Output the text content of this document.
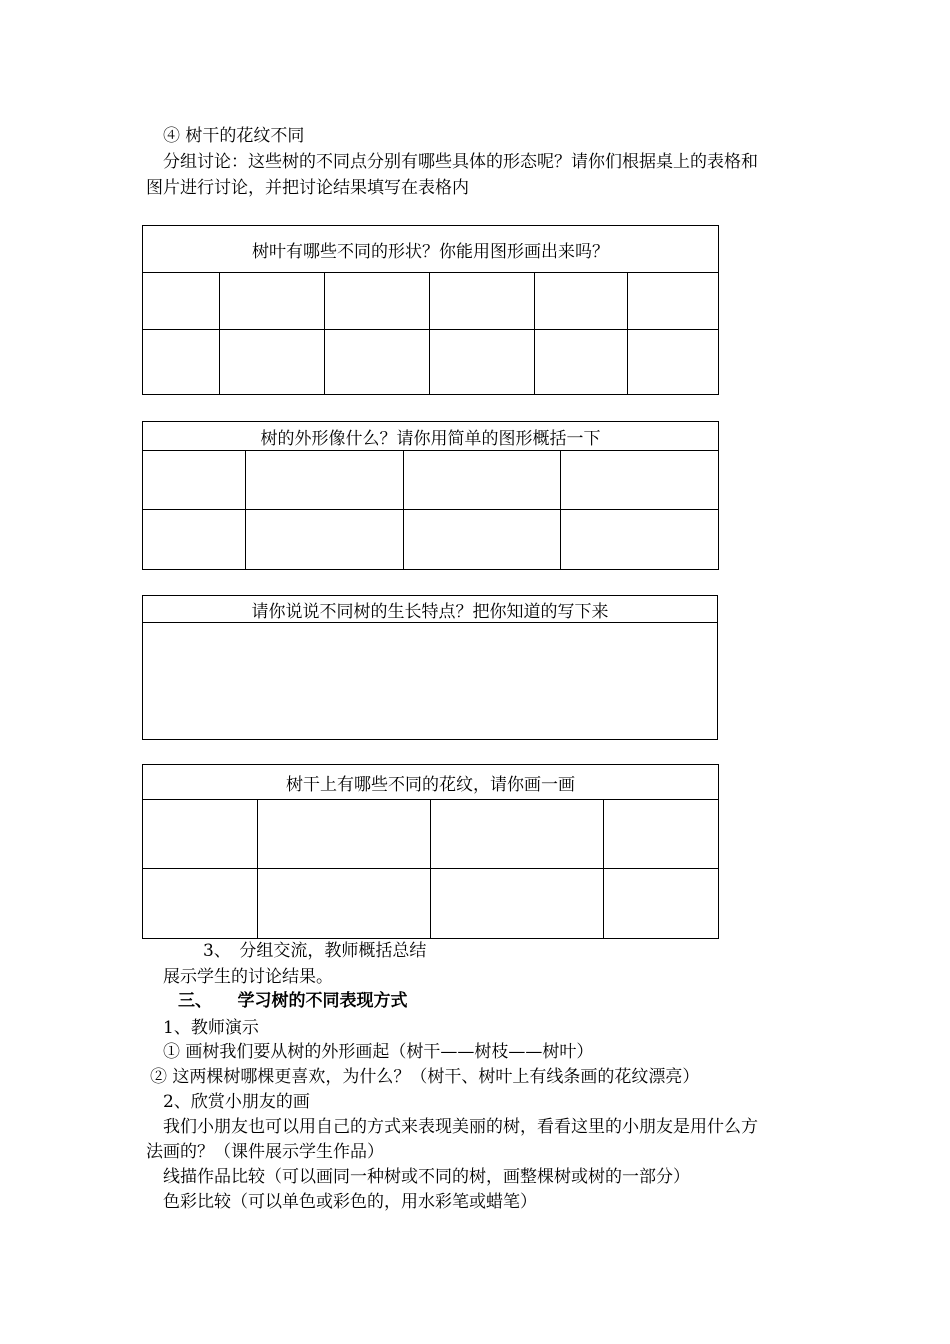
④ 树干的花纹不同
分组讨论：这些树的不同点分别有哪些具体的形态呢？请你们根据桌上的表格和
图片进行讨论，并把讨论结果填写在表格内
树叶有哪些不同的形状？你能用图形画出来吗？					

树的外形像什么？请你用简单的图形概括一下			

请你说说不同树的生长特点？把你知道的写下来

树干上有哪些不同的花纹，请你画一画			

3、　分组交流，教师概括总结
展示学生的讨论结果。
三、　　学习树的不同表现方式
1、教师演示
① 画树我们要从树的外形画起（树干——树枝——树叶）
② 这两棵树哪棵更喜欢，为什么？（树干、树叶上有线条画的花纹漂亮）
2、欣赏小朋友的画
我们小朋友也可以用自己的方式来表现美丽的树，看看这里的小朋友是用什么方
法画的？（课件展示学生作品）
线描作品比较（可以画同一种树或不同的树，画整棵树或树的一部分）
色彩比较（可以单色或彩色的，用水彩笔或蜡笔）
